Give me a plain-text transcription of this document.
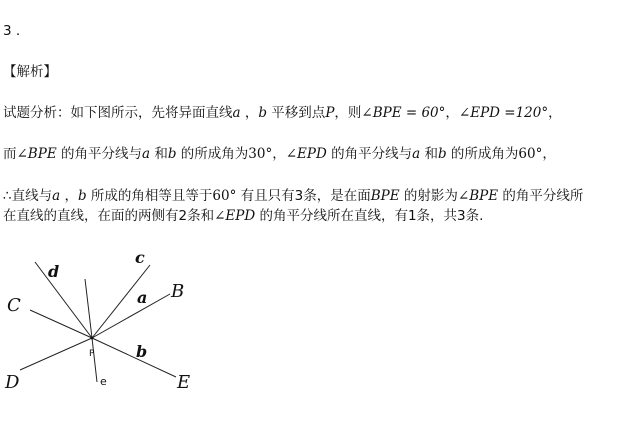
3 .
【解析】
试题分析：如下图所示，先将异面直线a ，b 平移到点P，则∠BPE = 60°，∠EPD =120°，
而∠BPE 的角平分线与a 和b 的所成角为30°，∠EPD 的角平分线与a 和b 的所成角为60°，
∴直线与a ，b 所成的角相等且等于60° 有且只有3条，是在面BPE 的射影为∠BPE 的角平分线所
在直线的直线，在面的两侧有2条和∠EPD 的角平分线所在直线，有1条，共3条.
c
d
C	a B
P	b
D	E
e
